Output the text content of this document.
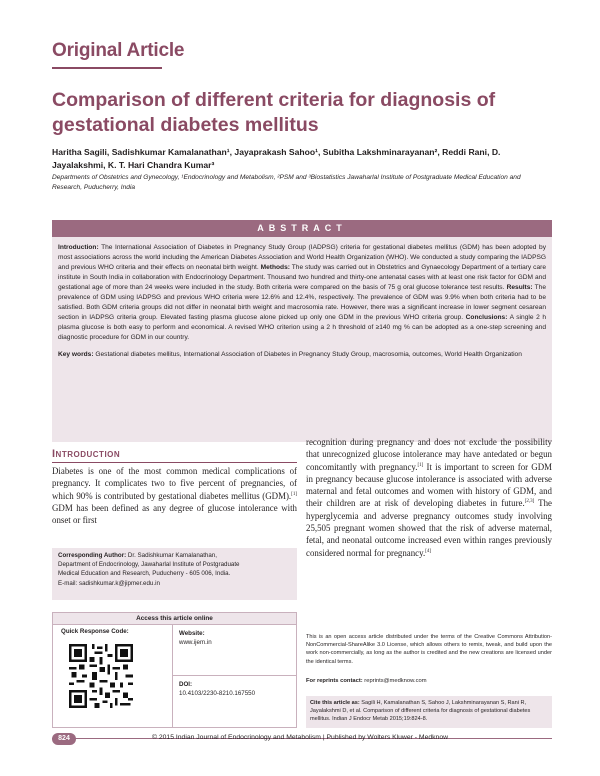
Original Article
Comparison of different criteria for diagnosis of gestational diabetes mellitus
Haritha Sagili, Sadishkumar Kamalanathan¹, Jayaprakash Sahoo¹, Subitha Lakshminarayanan², Reddi Rani, D. Jayalakshmi, K. T. Hari Chandra Kumar³
Departments of Obstetrics and Gynecology, ¹Endocrinology and Metabolism, ²PSM and ³Biostatistics Jawaharlal Institute of Postgraduate Medical Education and Research, Puducherry, India
ABSTRACT
Introduction: The International Association of Diabetes in Pregnancy Study Group (IADPSG) criteria for gestational diabetes mellitus (GDM) has been adopted by most associations across the world including the American Diabetes Association and World Health Organization (WHO). We conducted a study comparing the IADPSG and previous WHO criteria and their effects on neonatal birth weight. Methods: The study was carried out in Obstetrics and Gynaecology Department of a tertiary care institute in South India in collaboration with Endocrinology Department. Thousand two hundred and thirty-one antenatal cases with at least one risk factor for GDM and gestational age of more than 24 weeks were included in the study. Both criteria were compared on the basis of 75 g oral glucose tolerance test results. Results: The prevalence of GDM using IADPSG and previous WHO criteria were 12.6% and 12.4%, respectively. The prevalence of GDM was 9.9% when both criteria had to be satisfied. Both GDM criteria groups did not differ in neonatal birth weight and macrosomia rate. However, there was a significant increase in lower segment cesarean section in IADPSG criteria group. Elevated fasting plasma glucose alone picked up only one GDM in the previous WHO criteria group. Conclusions: A single 2 h plasma glucose is both easy to perform and economical. A revised WHO criterion using a 2 h threshold of ≥140 mg % can be adopted as a one-step screening and diagnostic procedure for GDM in our country.
Key words: Gestational diabetes mellitus, International Association of Diabetes in Pregnancy Study Group, macrosomia, outcomes, World Health Organization
Introduction

Diabetes is one of the most common medical complications of pregnancy. It complicates two to five percent of pregnancies, of which 90% is contributed by gestational diabetes mellitus (GDM).[1] GDM has been defined as any degree of glucose intolerance with onset or first

recognition during pregnancy and does not exclude the possibility that unrecognized glucose intolerance may have antedated or begun concomitantly with pregnancy.[1] It is important to screen for GDM in pregnancy because glucose intolerance is associated with adverse maternal and fetal outcomes and women with history of GDM, and their children are at risk of developing diabetes in future.[2,3] The hyperglycemia and adverse pregnancy outcomes study involving 25,505 pregnant women showed that the risk of adverse maternal, fetal, and neonatal outcome increased even within ranges previously considered normal for pregnancy.[4]

Corresponding Author: Dr. Sadishkumar Kamalanathan,
Department of Endocrinology, Jawaharlal Institute of Postgraduate
Medical Education and Research, Puducherry - 605 006, India.
E-mail: sadishkumar.k@jipmer.edu.in
Access this article online
Quick Response Code:	Website:
www.ijem.in
DOI:
10.4103/2230-8210.167550
This is an open access article distributed under the terms of the Creative Commons Attribution-NonCommercial-ShareAlike 3.0 License, which allows others to remix, tweak, and build upon the work non-commercially, as long as the author is credited and the new creations are licensed under the identical terms.
For reprints contact: reprints@medknow.com
Cite this article as: Sagili H, Kamalanathan S, Sahoo J, Lakshminarayanan S, Rani R, Jayalakshmi D, et al. Comparison of different criteria for diagnosis of gestational diabetes mellitus. Indian J Endocr Metab 2015;19:824-8.
824	© 2015 Indian Journal of Endocrinology and Metabolism | Published by Wolters Kluwer - Medknow
